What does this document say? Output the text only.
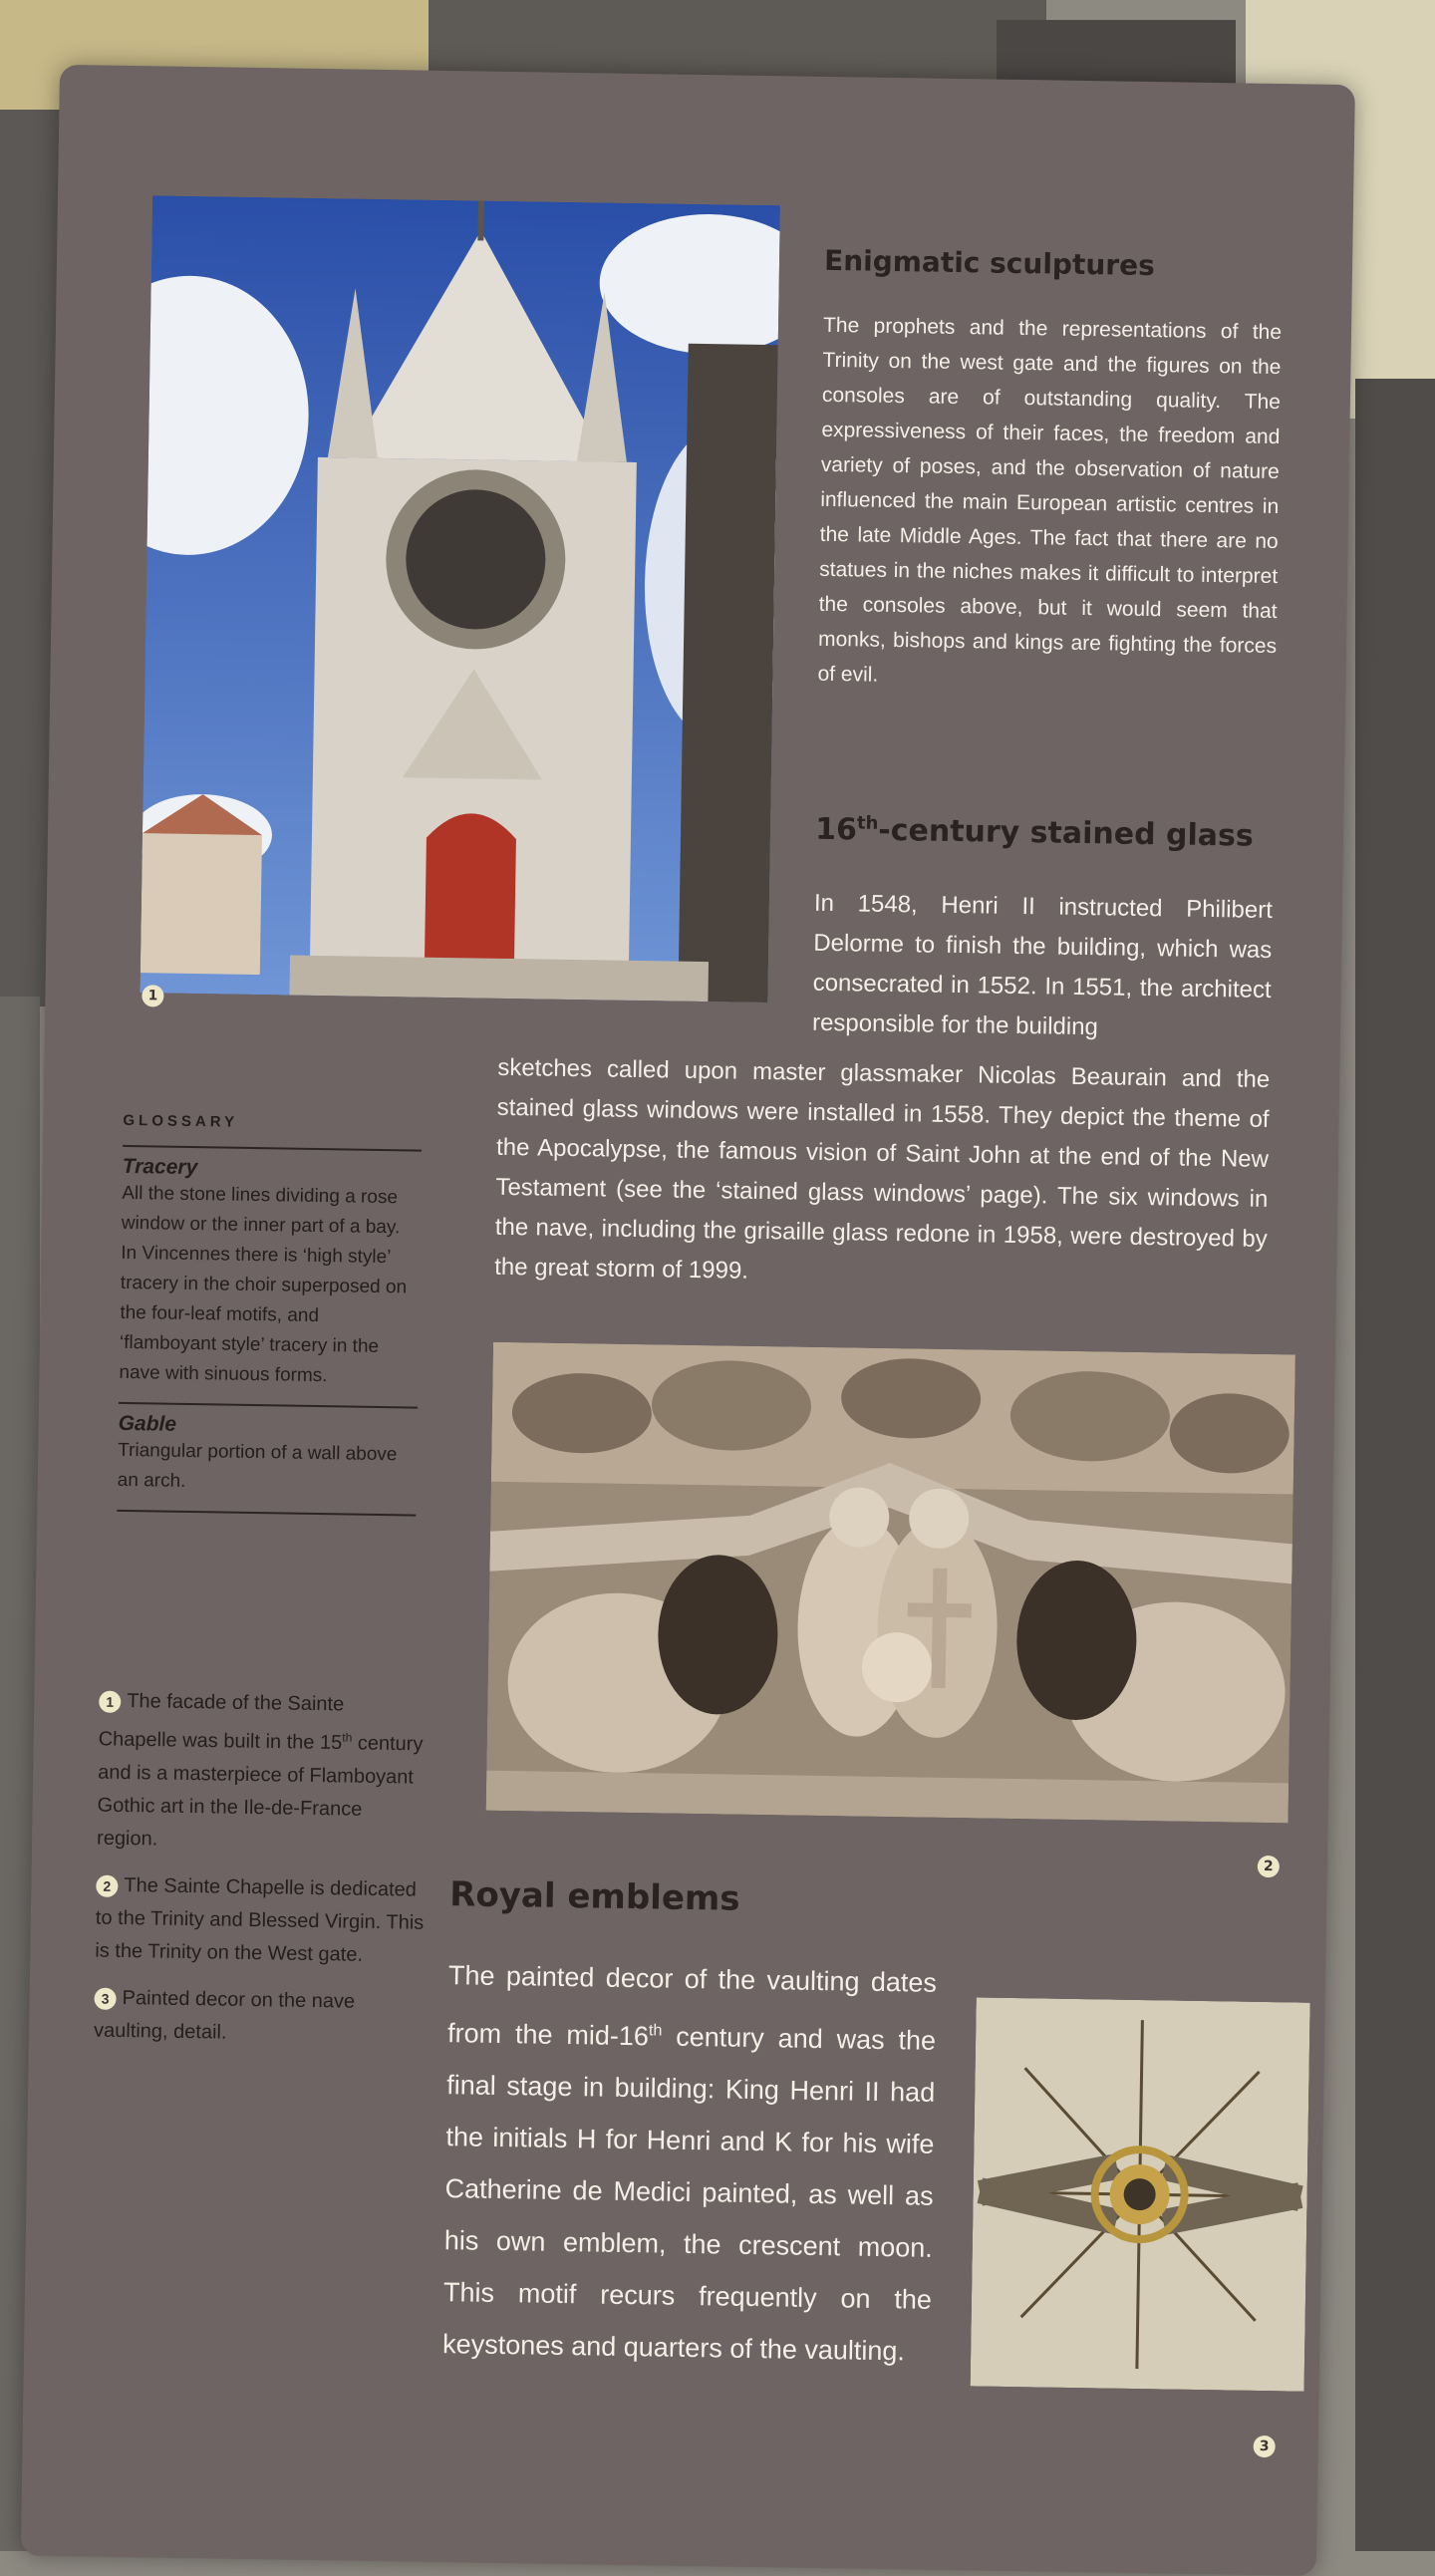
1
Enigmatic sculptures
The prophets and the representations of the Trinity on the west gate and the figures on the consoles are of outstanding quality. The expressiveness of their faces, the freedom and variety of poses, and the observation of nature influenced the main European artistic centres in the late Middle Ages. The fact that there are no statues in the niches makes it difficult to interpret the consoles above, but it would seem that monks, bishops and kings are fighting the forces of evil.
16th-century stained glass
In 1548, Henri II instructed Philibert Delorme to finish the building, which was consecrated in 1552. In 1551, the architect responsible for the building
sketches called upon master glassmaker Nicolas Beaurain and the stained glass windows were installed in 1558. They depict the theme of the Apocalypse, the famous vision of Saint John at the end of the New Testament (see the ‘stained glass windows’ page). The six windows in the nave, including the grisaille glass redone in 1958, were destroyed by the great storm of 1999.
GLOSSARY
Tracery
All the stone lines dividing a rose window or the inner part of a bay. In Vincennes there is ‘high style’ tracery in the choir superposed on the four-leaf motifs, and ‘flamboyant style’ tracery in the nave with sinuous forms.
Gable
Triangular portion of a wall above an arch.
2
1 The facade of the Sainte Chapelle was built in the 15th century and is a masterpiece of Flamboyant Gothic art in the Ile-de-France region.
2 The Sainte Chapelle is dedicated to the Trinity and Blessed Virgin. This is the Trinity on the West gate.
3 Painted decor on the nave vaulting, detail.
Royal emblems
The painted decor of the vaulting dates from the mid-16th century and was the final stage in building: King Henri II had the initials H for Henri and K for his wife Catherine de Medici painted, as well as his own emblem, the crescent moon. This motif recurs frequently on the keystones and quarters of the vaulting.
3
